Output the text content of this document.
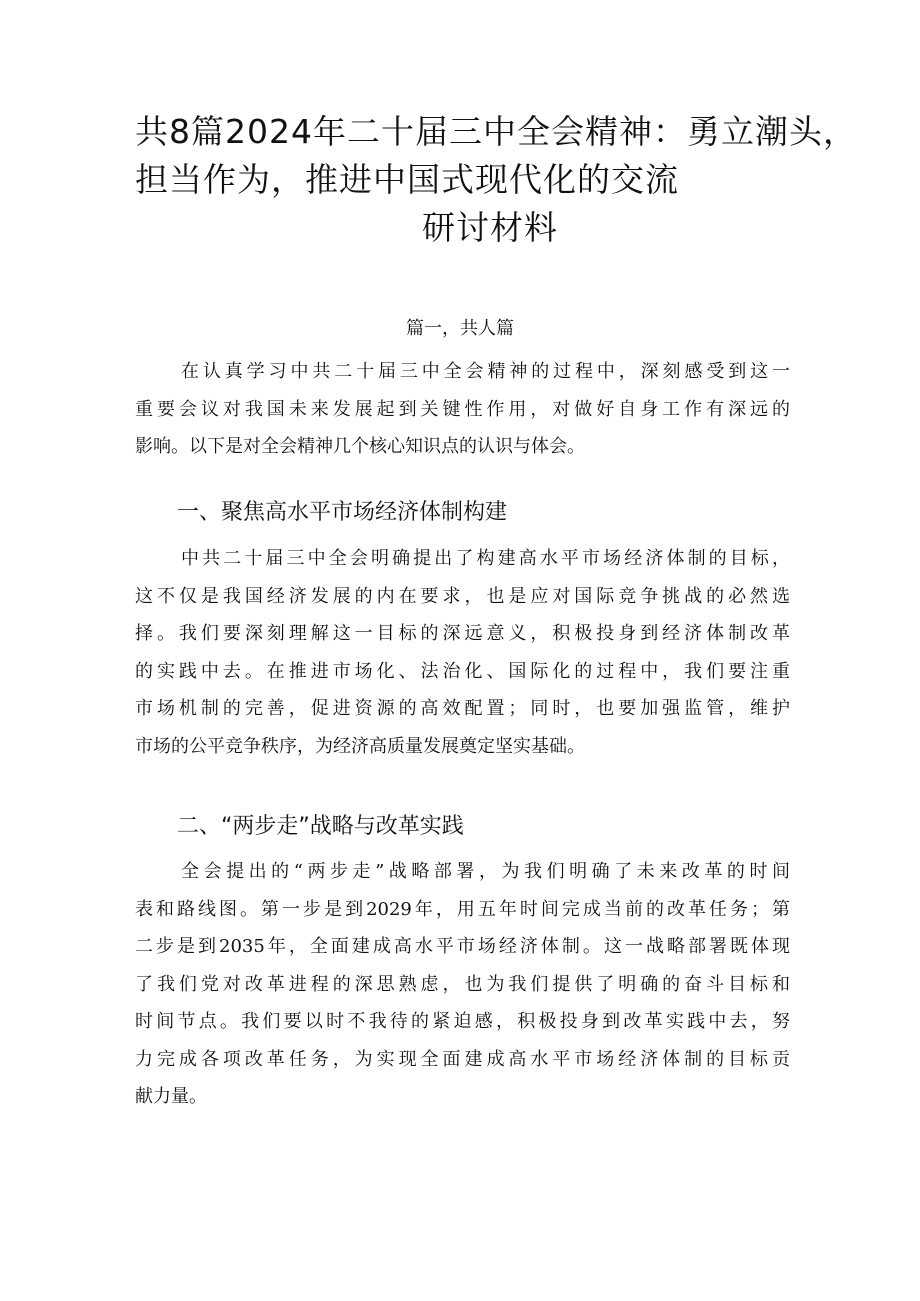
共8篇2024年二十届三中全会精神：勇立潮头，
担当作为，推进中国式现代化的交流
研讨材料
篇一，共人篇
在认真学习中共二十届三中全会精神的过程中，深刻感受到这一
重要会议对我国未来发展起到关键性作用，对做好自身工作有深远的
影响。以下是对全会精神几个核心知识点的认识与体会。
一、聚焦高水平市场经济体制构建
中共二十届三中全会明确提出了构建高水平市场经济体制的目标，
这不仅是我国经济发展的内在要求，也是应对国际竞争挑战的必然选
择。我们要深刻理解这一目标的深远意义，积极投身到经济体制改革
的实践中去。在推进市场化、法治化、国际化的过程中，我们要注重
市场机制的完善，促进资源的高效配置；同时，也要加强监管，维护
市场的公平竞争秩序，为经济高质量发展奠定坚实基础。
二、“两步走”战略与改革实践
全会提出的“两步走”战略部署，为我们明确了未来改革的时间
表和路线图。第一步是到2029年，用五年时间完成当前的改革任务；第
二步是到2035年，全面建成高水平市场经济体制。这一战略部署既体现
了我们党对改革进程的深思熟虑，也为我们提供了明确的奋斗目标和
时间节点。我们要以时不我待的紧迫感，积极投身到改革实践中去，努
力完成各项改革任务，为实现全面建成高水平市场经济体制的目标贡
献力量。
